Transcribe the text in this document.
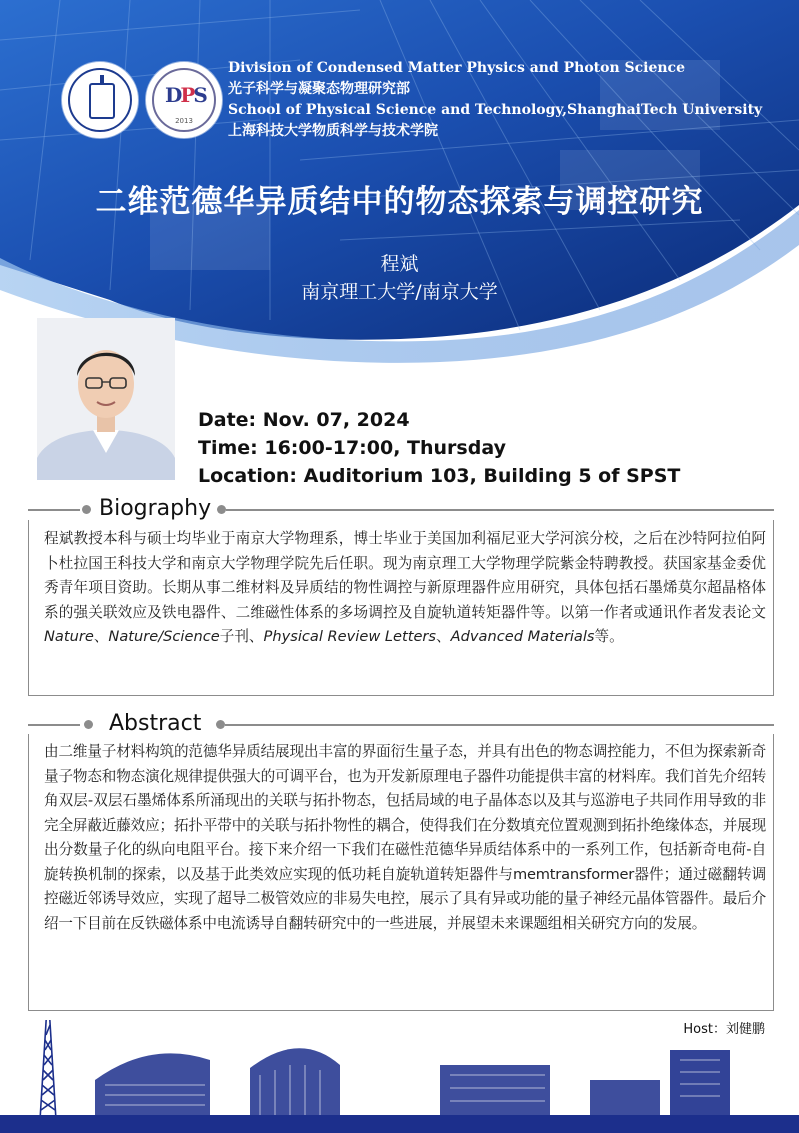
DPS
2013
Division of Condensed Matter Physics and Photon Science
光子科学与凝聚态物理研究部
School of Physical Science and Technology,ShanghaiTech University
上海科技大学物质科学与技术学院
二维范德华异质结中的物态探索与调控研究
程斌
南京理工大学/南京大学
Date: Nov. 07, 2024
Time: 16:00-17:00, Thursday
Location: Auditorium 103, Building 5 of SPST
Biography
程斌教授本科与硕士均毕业于南京大学物理系，博士毕业于美国加利福尼亚大学河滨分校，之后在沙特阿拉伯阿卜杜拉国王科技大学和南京大学物理学院先后任职。现为南京理工大学物理学院紫金特聘教授。获国家基金委优秀青年项目资助。长期从事二维材料及异质结的物性调控与新原理器件应用研究，具体包括石墨烯莫尔超晶格体系的强关联效应及铁电器件、二维磁性体系的多场调控及自旋轨道转矩器件等。以第一作者或通讯作者发表论文Nature、Nature/Science子刊、Physical Review Letters、Advanced Materials等。
Abstract
由二维量子材料构筑的范德华异质结展现出丰富的界面衍生量子态，并具有出色的物态调控能力，不但为探索新奇量子物态和物态演化规律提供强大的可调平台，也为开发新原理电子器件功能提供丰富的材料库。我们首先介绍转角双层-双层石墨烯体系所涌现出的关联与拓扑物态，包括局域的电子晶体态以及其与巡游电子共同作用导致的非完全屏蔽近藤效应；拓扑平带中的关联与拓扑物性的耦合，使得我们在分数填充位置观测到拓扑绝缘体态，并展现出分数量子化的纵向电阻平台。接下来介绍一下我们在磁性范德华异质结体系中的一系列工作，包括新奇电荷-自旋转换机制的探索，以及基于此类效应实现的低功耗自旋轨道转矩器件与memtransformer器件；通过磁翻转调控磁近邻诱导效应，实现了超导二极管效应的非易失电控，展示了具有异或功能的量子神经元晶体管器件。最后介绍一下目前在反铁磁体系中电流诱导自翻转研究中的一些进展，并展望未来课题组相关研究方向的发展。
Host：刘健鹏
